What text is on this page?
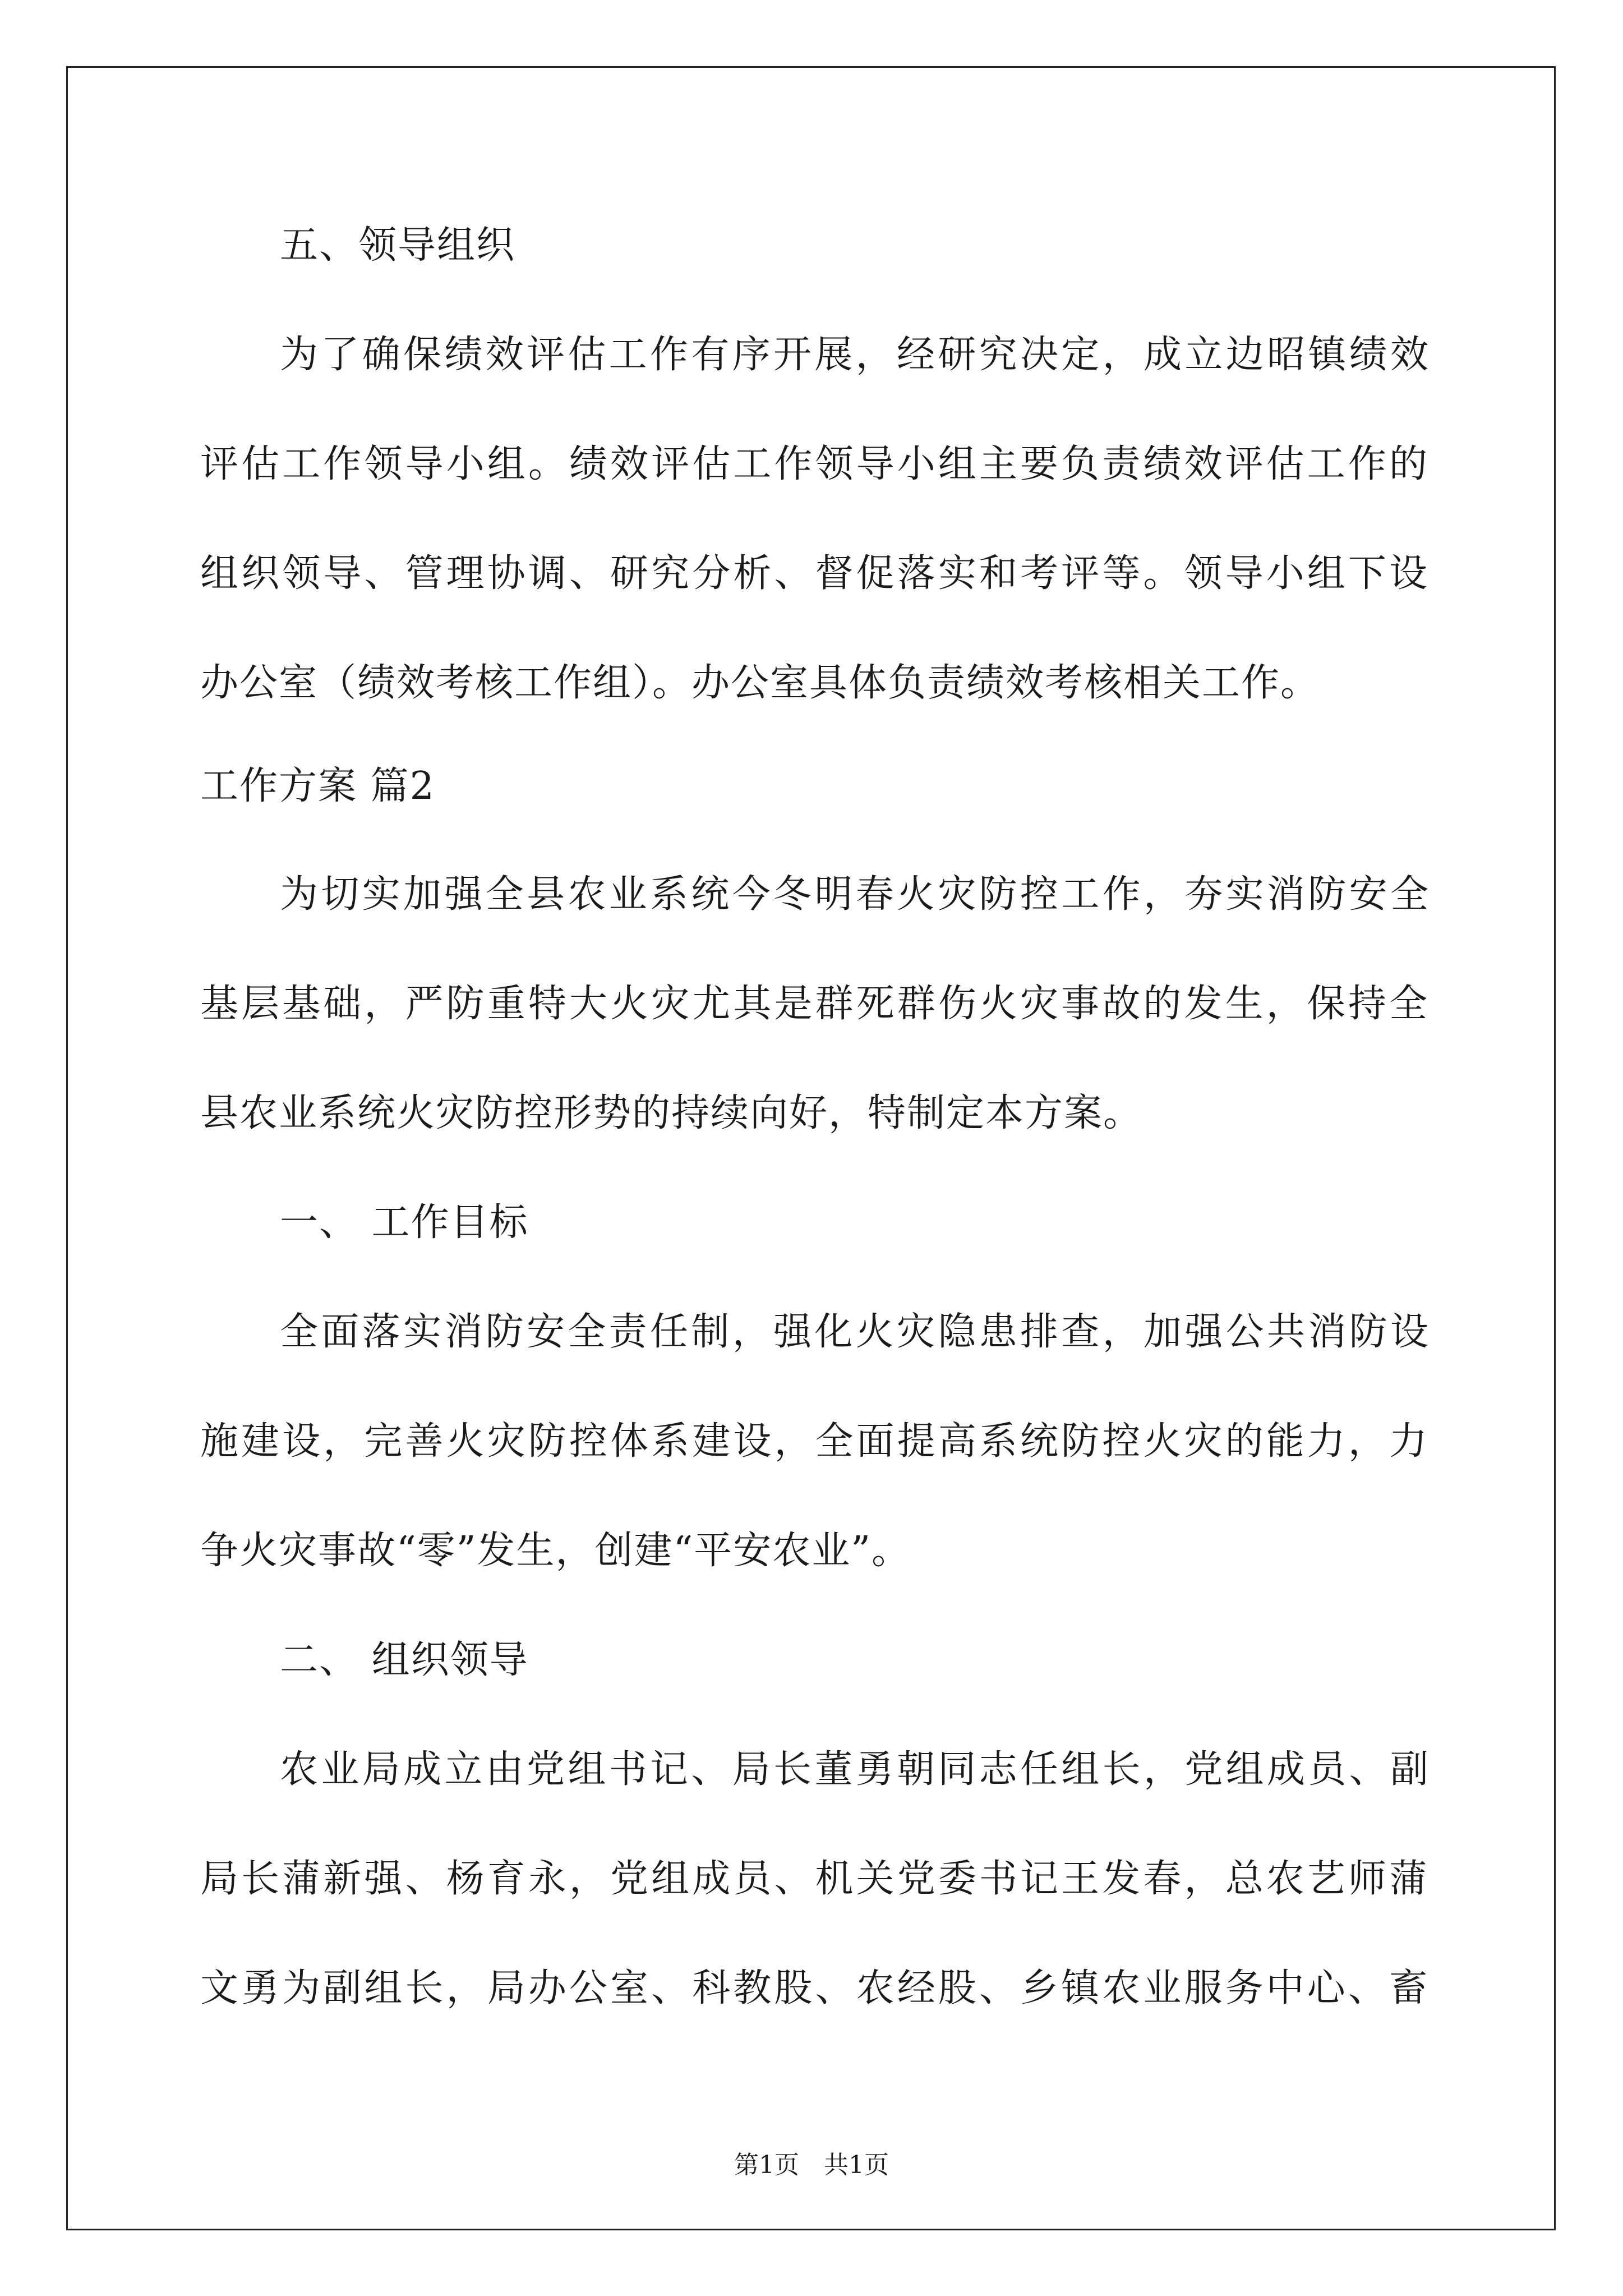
五、领导组织
为了确保绩效评估工作有序开展，经研究决定，成立边昭镇绩效
评估工作领导小组。绩效评估工作领导小组主要负责绩效评估工作的
组织领导、管理协调、研究分析、督促落实和考评等。领导小组下设
办公室（绩效考核工作组）。办公室具体负责绩效考核相关工作。
工作方案 篇2
为切实加强全县农业系统今冬明春火灾防控工作，夯实消防安全
基层基础，严防重特大火灾尤其是群死群伤火灾事故的发生，保持全
县农业系统火灾防控形势的持续向好，特制定本方案。
一、 工作目标
全面落实消防安全责任制，强化火灾隐患排查，加强公共消防设
施建设，完善火灾防控体系建设，全面提高系统防控火灾的能力，力
争火灾事故“零”发生，创建“平安农业”。
二、 组织领导
农业局成立由党组书记、局长董勇朝同志任组长，党组成员、副
局长蒲新强、杨育永，党组成员、机关党委书记王发春，总农艺师蒲
文勇为副组长，局办公室、科教股、农经股、乡镇农业服务中心、畜
第1页　共1页
